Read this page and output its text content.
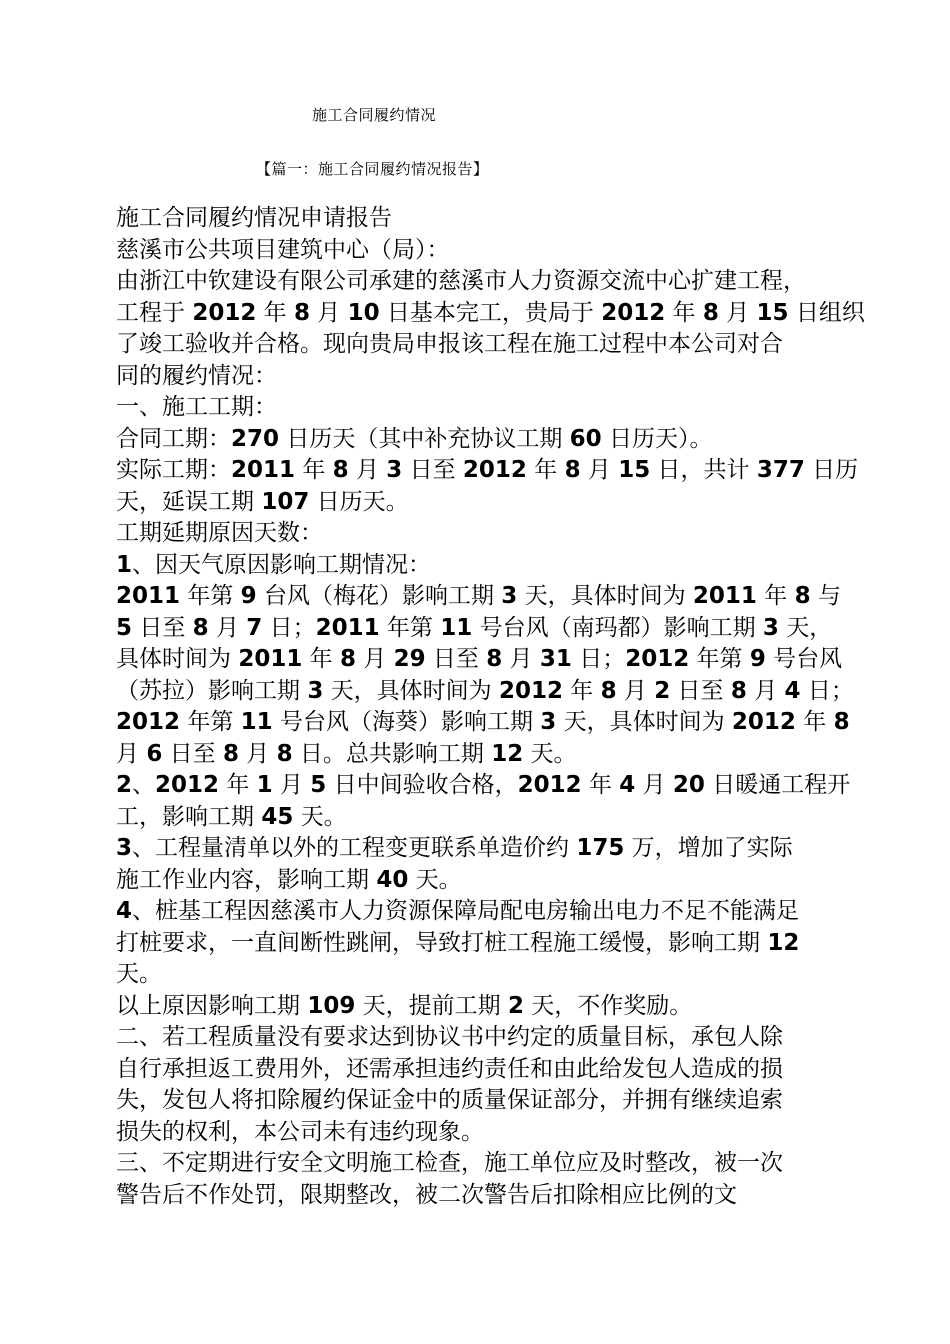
施工合同履约情况
【篇一：施工合同履约情况报告】
施工合同履约情况申请报告
慈溪市公共项目建筑中心（局）：
由浙江中钦建设有限公司承建的慈溪市人力资源交流中心扩建工程，
工程于 2012 年 8 月 10 日基本完工，贵局于 2012 年 8 月 15 日组织
了竣工验收并合格。现向贵局申报该工程在施工过程中本公司对合
同的履约情况：
一、施工工期：
合同工期：270 日历天（其中补充协议工期 60 日历天）。
实际工期：2011 年 8 月 3 日至 2012 年 8 月 15 日，共计 377 日历
天，延误工期 107 日历天。
工期延期原因天数：
1、因天气原因影响工期情况：
2011 年第 9 台风（梅花）影响工期 3 天，具体时间为 2011 年 8 与
5 日至 8 月 7 日；2011 年第 11 号台风（南玛都）影响工期 3 天，
具体时间为 2011 年 8 月 29 日至 8 月 31 日；2012 年第 9 号台风
（苏拉）影响工期 3 天，具体时间为 2012 年 8 月 2 日至 8 月 4 日；
2012 年第 11 号台风（海葵）影响工期 3 天，具体时间为 2012 年 8
月 6 日至 8 月 8 日。总共影响工期 12 天。
2、2012 年 1 月 5 日中间验收合格，2012 年 4 月 20 日暖通工程开
工，影响工期 45 天。
3、工程量清单以外的工程变更联系单造价约 175 万，增加了实际
施工作业内容，影响工期 40 天。
4、桩基工程因慈溪市人力资源保障局配电房输出电力不足不能满足
打桩要求，一直间断性跳闸，导致打桩工程施工缓慢，影响工期 12
天。
以上原因影响工期 109 天，提前工期 2 天，不作奖励。
二、若工程质量没有要求达到协议书中约定的质量目标，承包人除
自行承担返工费用外，还需承担违约责任和由此给发包人造成的损
失，发包人将扣除履约保证金中的质量保证部分，并拥有继续追索
损失的权利，本公司未有违约现象。
三、不定期进行安全文明施工检查，施工单位应及时整改，被一次
警告后不作处罚，限期整改，被二次警告后扣除相应比例的文
